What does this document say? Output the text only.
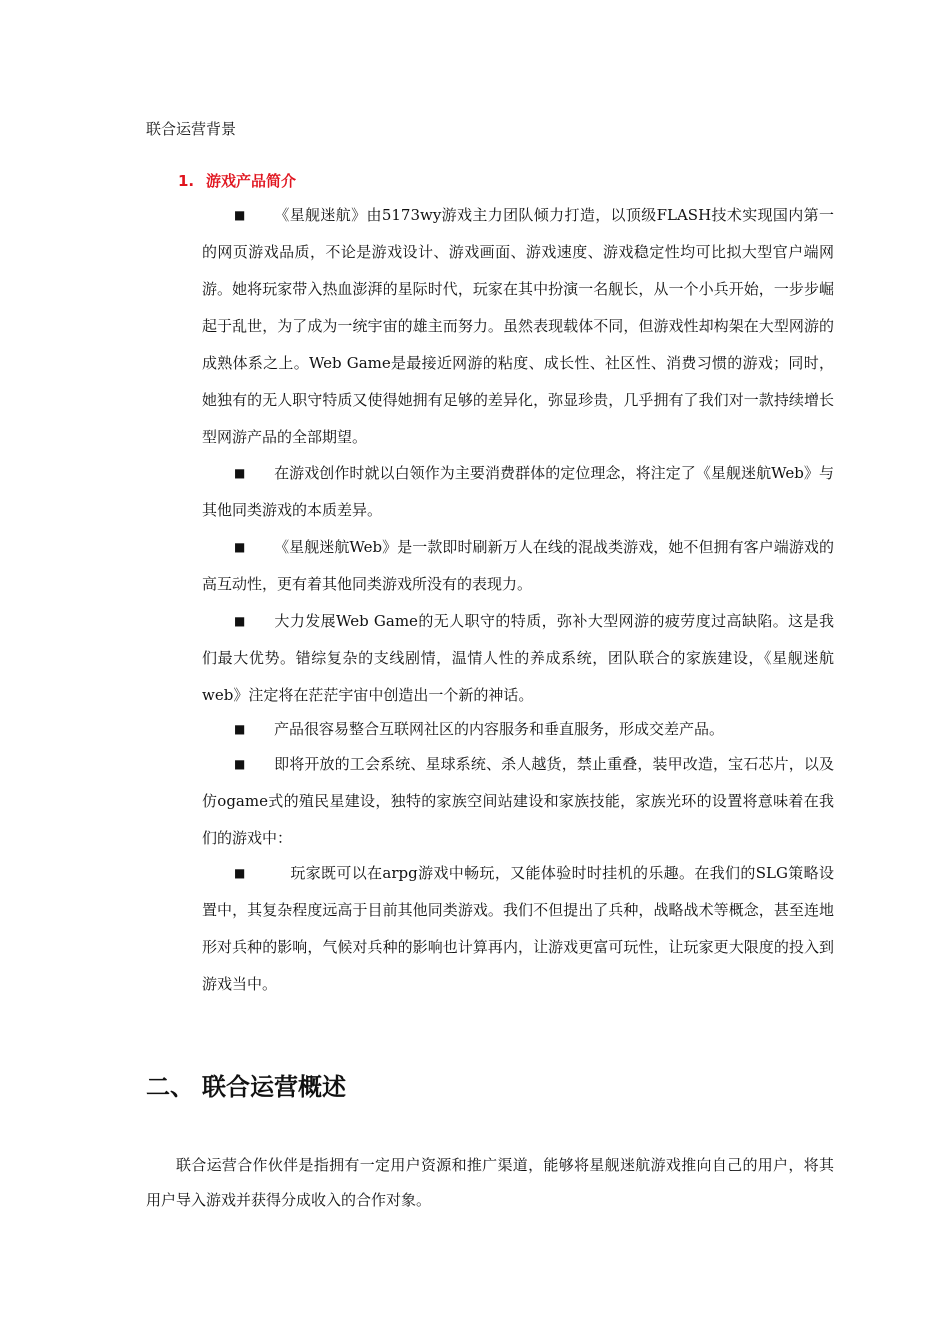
联合运营背景
1. 游戏产品简介
■ 《星舰迷航》由5173wy游戏主力团队倾力打造，以顶级FLASH技术实现国内第一的网页游戏品质，不论是游戏设计、游戏画面、游戏速度、游戏稳定性均可比拟大型官户端网游。她将玩家带入热血澎湃的星际时代，玩家在其中扮演一名舰长，从一个小兵开始，一步步崛起于乱世，为了成为一统宇宙的雄主而努力。虽然表现载体不同，但游戏性却构架在大型网游的成熟体系之上。Web Game是最接近网游的粘度、成长性、社区性、消费习惯的游戏；同时，她独有的无人职守特质又使得她拥有足够的差异化，弥显珍贵，几乎拥有了我们对一款持续增长型网游产品的全部期望。
■ 在游戏创作时就以白领作为主要消费群体的定位理念，将注定了《星舰迷航Web》与其他同类游戏的本质差异。
■ 《星舰迷航Web》是一款即时刷新万人在线的混战类游戏，她不但拥有客户端游戏的高互动性，更有着其他同类游戏所没有的表现力。
■ 大力发展Web Game的无人职守的特质，弥补大型网游的疲劳度过高缺陷。这是我们最大优势。错综复杂的支线剧情，温情人性的养成系统，团队联合的家族建设，《星舰迷航web》注定将在茫茫宇宙中创造出一个新的神话。
■ 产品很容易整合互联网社区的内容服务和垂直服务，形成交差产品。
■ 即将开放的工会系统、星球系统、杀人越货，禁止重叠，装甲改造，宝石芯片，以及仿ogame式的殖民星建设，独特的家族空间站建设和家族技能，家族光环的设置将意味着在我们的游戏中：
■	玩家既可以在arpg游戏中畅玩，又能体验时时挂机的乐趣。在我们的SLG策略设置中，其复杂程度远高于目前其他同类游戏。我们不但提出了兵种，战略战术等概念，甚至连地形对兵种的影响，气候对兵种的影响也计算再内，让游戏更富可玩性，让玩家更大限度的投入到游戏当中。
二、 联合运营概述
联合运营合作伙伴是指拥有一定用户资源和推广渠道，能够将星舰迷航游戏推向自己的用户，将其用户导入游戏并获得分成收入的合作对象。
